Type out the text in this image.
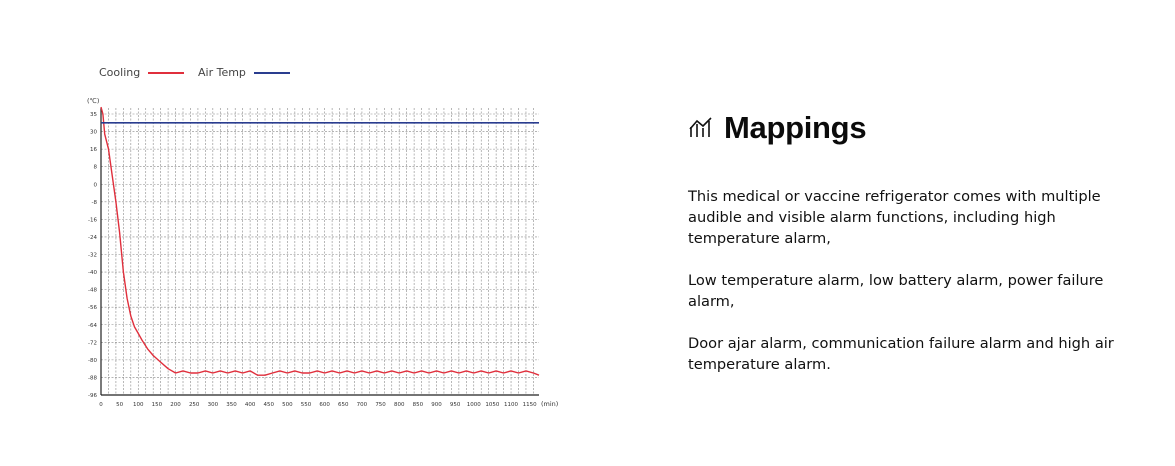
Cooling	Air Temp
(℃)
(min)
35
30
16
8
0
-8
-16
-24
-32
-40
-48
-56
-64
-72
-80
-88
-96
0 50 100 150 200 250 300 350 400 450 500 550 600 650 700 750 800 850 900 950 1000 1050 1100 1150
Mappings

This medical or vaccine refrigerator comes with multiple audible and visible alarm functions, including high temperature alarm,

Low temperature alarm, low battery alarm, power failure alarm,

Door ajar alarm, communication failure alarm and high air temperature alarm.
